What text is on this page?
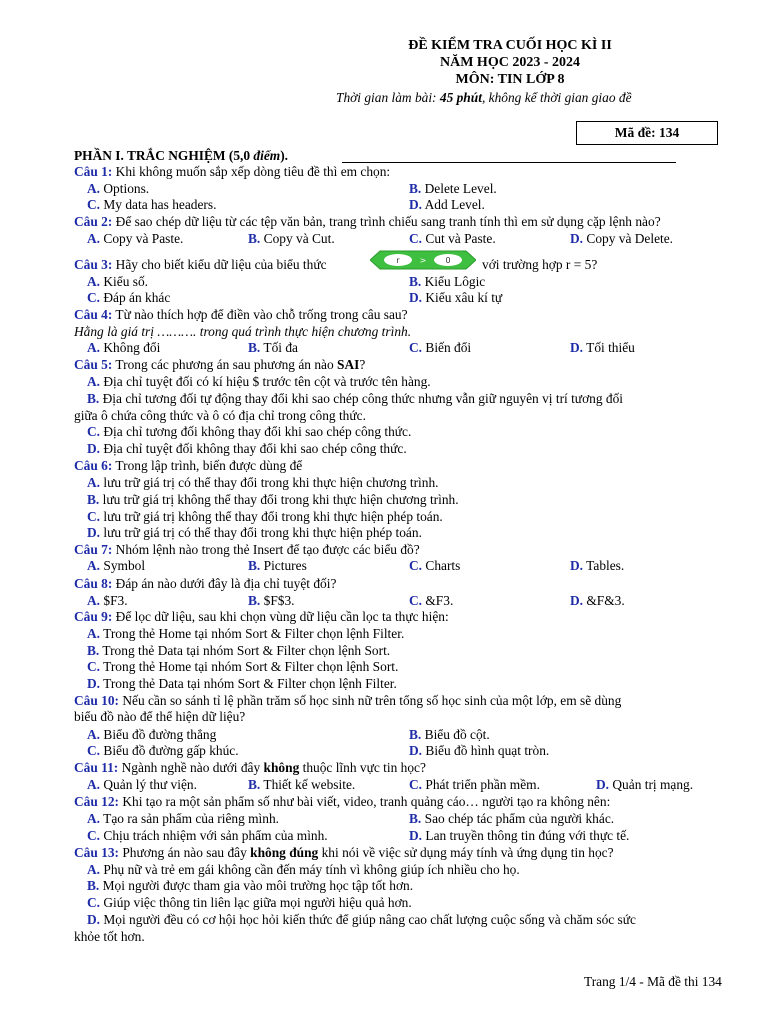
ĐỀ KIỂM TRA CUỐI HỌC KÌ II
NĂM HỌC 2023 - 2024
MÔN: TIN LỚP 8
Thời gian làm bài: 45 phút, không kể thời gian giao đề
Mã đề: 134
PHẦN I. TRẮC NGHIỆM (5,0 điểm).
Câu 1: Khi không muốn sắp xếp dòng tiêu đề thì em chọn:
A. Options.	B. Delete Level.
C. My data has headers.	D. Add Level.
Câu 2: Để sao chép dữ liệu từ các tệp văn bản, trang trình chiếu sang tranh tính thì em sử dụng cặp lệnh nào?
A. Copy và Paste.	B. Copy và Cut.	C. Cut và Paste.	D. Copy và Delete.
Câu 3: Hãy cho biết kiểu dữ liệu của biểu thức	r	> 0 với trường hợp r = 5?
A. Kiểu số.	B. Kiểu Lôgic
C. Đáp án khác	D. Kiểu xâu kí tự
Câu 4: Từ nào thích hợp để điền vào chỗ trống trong câu sau?
Hằng là giá trị ………. trong quá trình thực hiện chương trình.
A. Không đổi	B. Tối đa	C. Biến đổi	D. Tối thiểu
Câu 5: Trong các phương án sau phương án nào SAI?
A. Địa chỉ tuyệt đối có kí hiệu $ trước tên cột và trước tên hàng.
B. Địa chỉ tương đối tự động thay đổi khi sao chép công thức nhưng vẫn giữ nguyên vị trí tương đối
giữa ô chứa công thức và ô có địa chỉ trong công thức.
C. Địa chỉ tương đối không thay đổi khi sao chép công thức.
D. Địa chỉ tuyệt đối không thay đổi khi sao chép công thức.
Câu 6: Trong lập trình, biến được dùng để
A. lưu trữ giá trị có thể thay đổi trong khi thực hiện chương trình.
B. lưu trữ giá trị không thể thay đổi trong khi thực hiện chương trình.
C. lưu trữ giá trị không thể thay đổi trong khi thực hiện phép toán.
D. lưu trữ giá trị có thể thay đổi trong khi thực hiện phép toán.
Câu 7: Nhóm lệnh nào trong thẻ Insert để tạo được các biểu đồ?
A. Symbol	B. Pictures	C. Charts	D. Tables.
Câu 8: Đáp án nào dưới đây là địa chỉ tuyệt đối?
A. $F3.	B. $F$3.	C. &F3.	D. &F&3.
Câu 9: Để lọc dữ liệu, sau khi chọn vùng dữ liệu cần lọc ta thực hiện:
A. Trong thẻ Home tại nhóm Sort & Filter chọn lệnh Filter.
B. Trong thẻ Data tại nhóm Sort & Filter chọn lệnh Sort.
C. Trong thẻ Home tại nhóm Sort & Filter chọn lệnh Sort.
D. Trong thẻ Data tại nhóm Sort & Filter chọn lệnh Filter.
Câu 10: Nếu cần so sánh tỉ lệ phần trăm số học sinh nữ trên tổng số học sinh của một lớp, em sẽ dùng
biểu đồ nào để thể hiện dữ liệu?
A. Biểu đồ đường thẳng	B. Biểu đồ cột.
C. Biểu đồ đường gấp khúc.	D. Biểu đồ hình quạt tròn.
Câu 11: Ngành nghề nào dưới đây không thuộc lĩnh vực tin học?
A. Quản lý thư viện.	B. Thiết kế website.	C. Phát triển phần mềm.	D. Quản trị mạng.
Câu 12: Khi tạo ra một sản phẩm số như bài viết, video, tranh quảng cáo… người tạo ra không nên:
A. Tạo ra sản phẩm của riêng mình.	B. Sao chép tác phẩm của người khác.
C. Chịu trách nhiệm với sản phẩm của mình.	D. Lan truyền thông tin đúng với thực tế.
Câu 13: Phương án nào sau đây không đúng khi nói về việc sử dụng máy tính và ứng dụng tin học?
A. Phụ nữ và trẻ em gái không cần đến máy tính vì không giúp ích nhiều cho họ.
B. Mọi người được tham gia vào môi trường học tập tốt hơn.
C. Giúp việc thông tin liên lạc giữa mọi người hiệu quả hơn.
D. Mọi người đều có cơ hội học hỏi kiến thức để giúp nâng cao chất lượng cuộc sống và chăm sóc sức
khỏe tốt hơn.
Trang 1/4 - Mã đề thi 134
